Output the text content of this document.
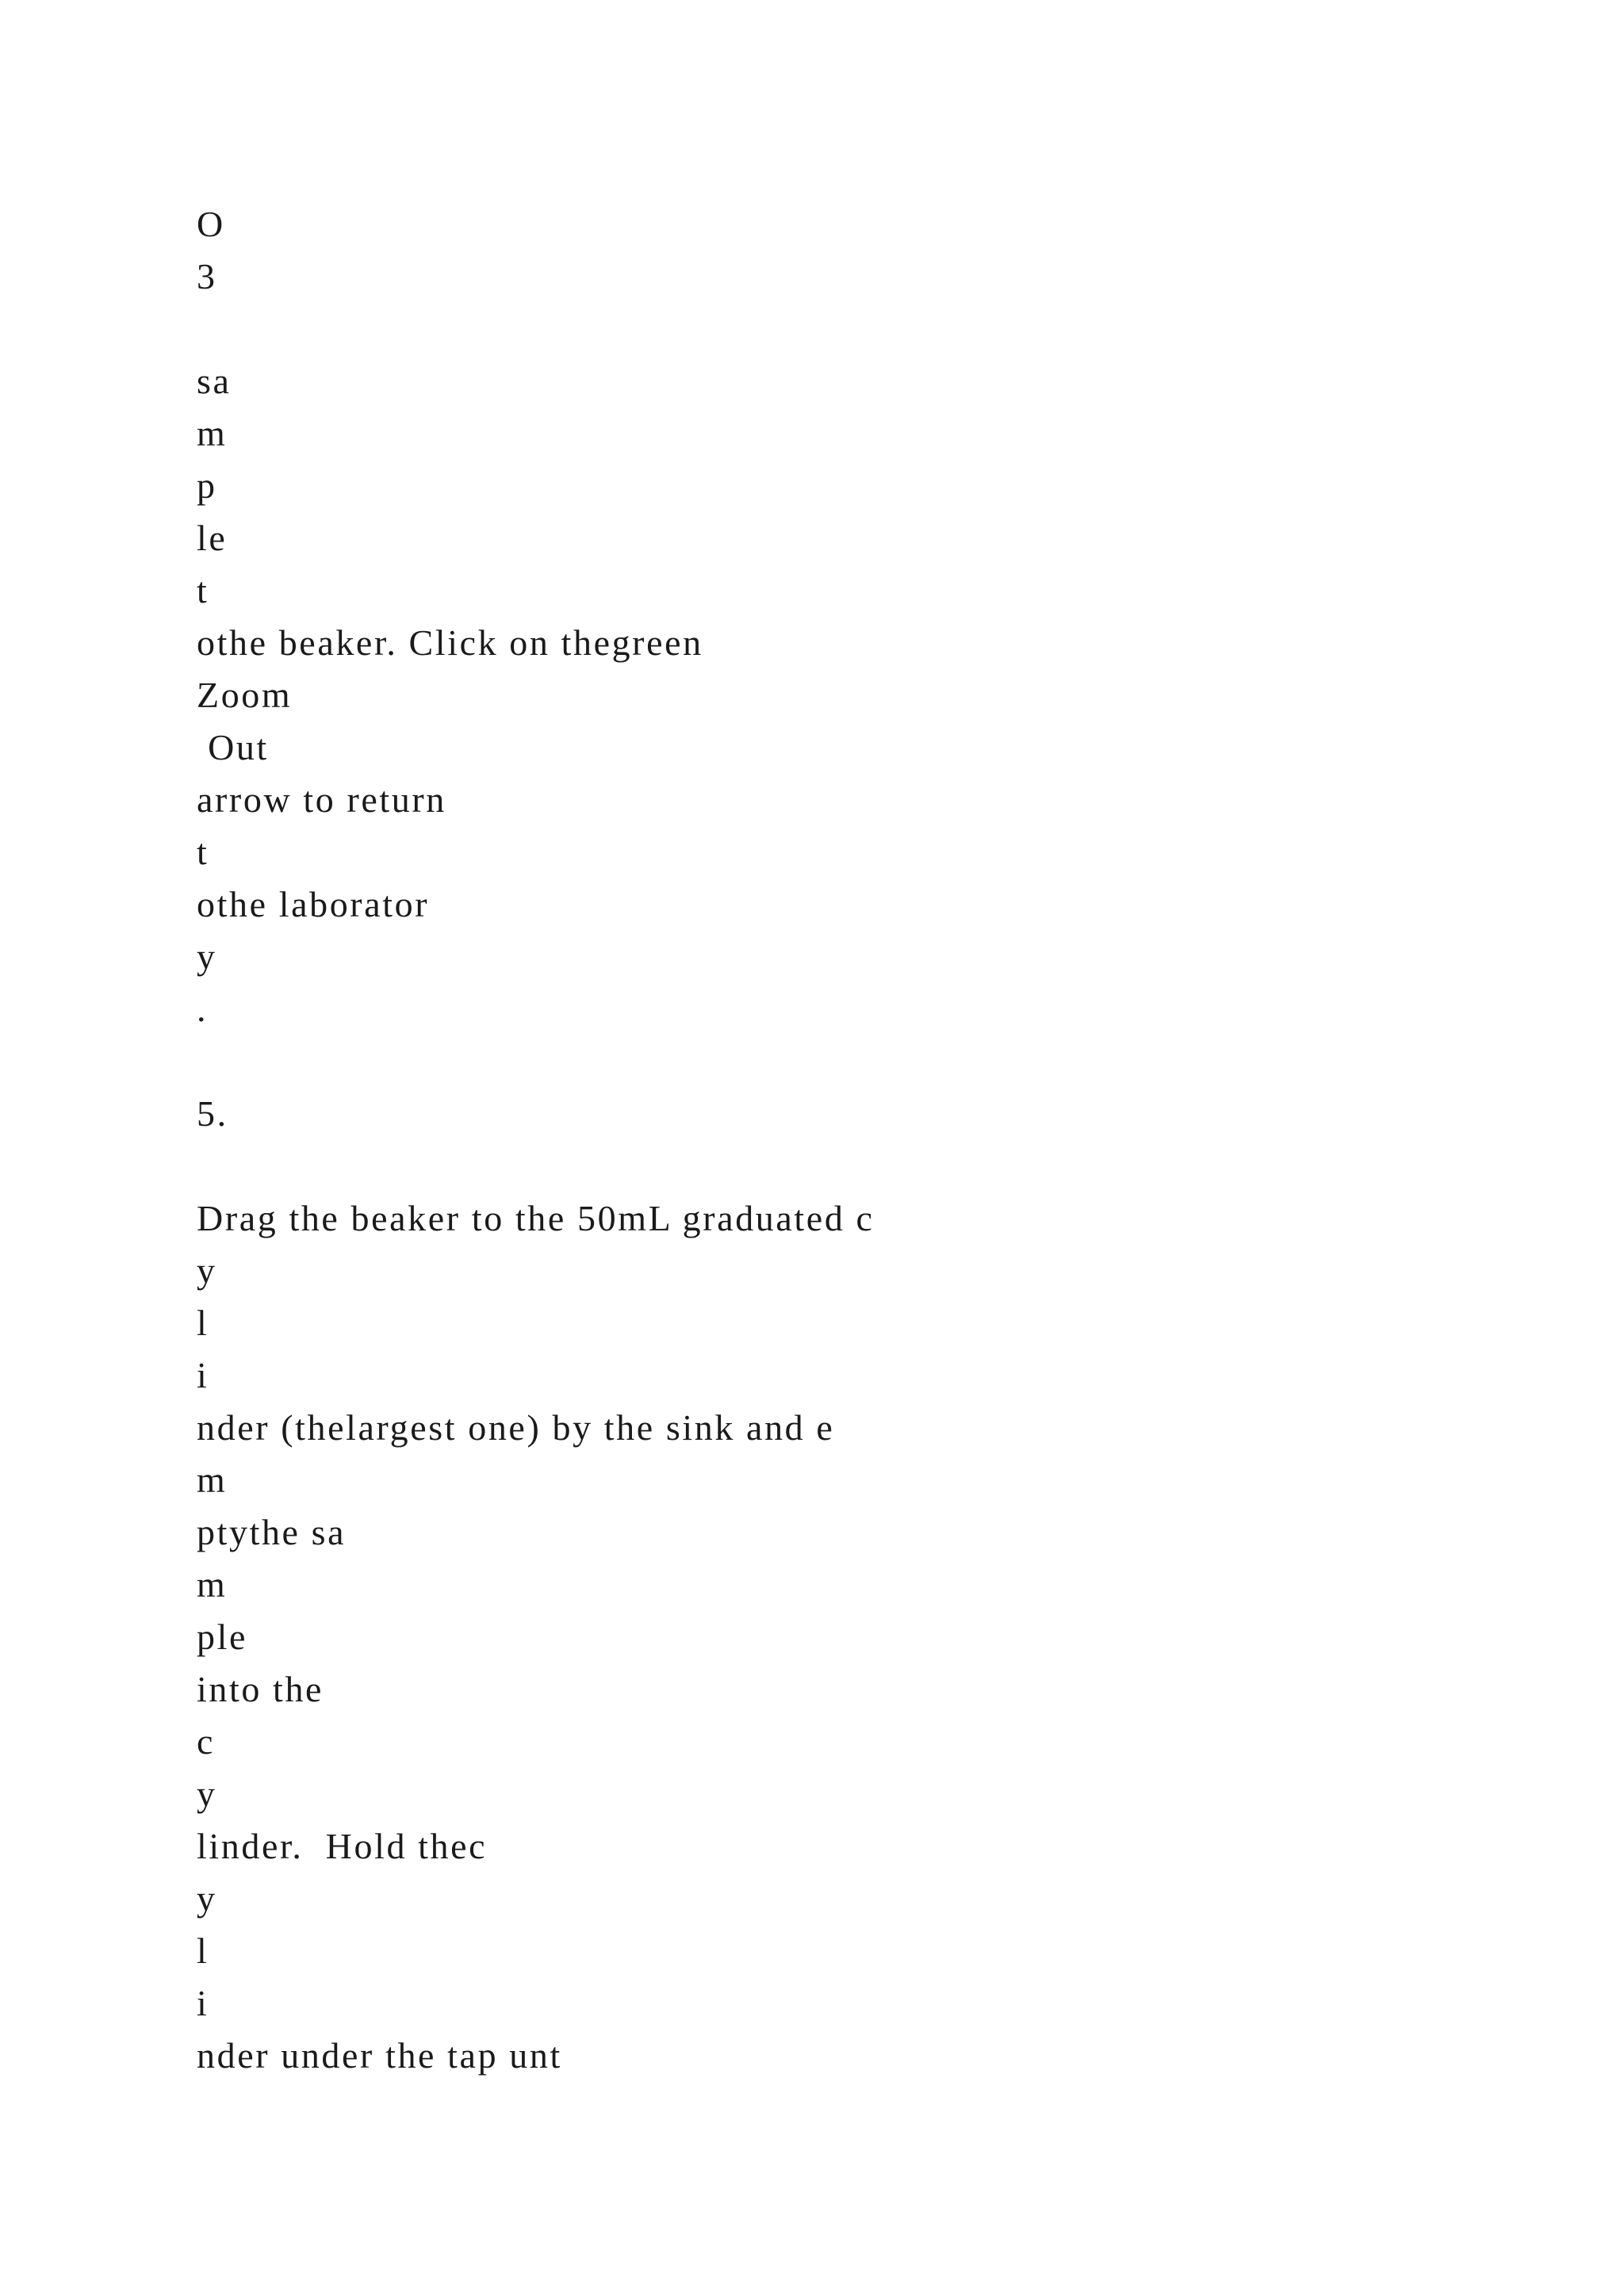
O

3

sa

m

p

le

t

othe beaker. Click on thegreen

Zoom

Out

arrow to return

t

othe laborator

y

.

5.

Drag the beaker to the 50mL graduated c

y

l

i

nder (thelargest one) by the sink and e

m

ptythe sa

m

ple

into the

c

y

linder.  Hold thec

y

l

i

nder under the tap unt
